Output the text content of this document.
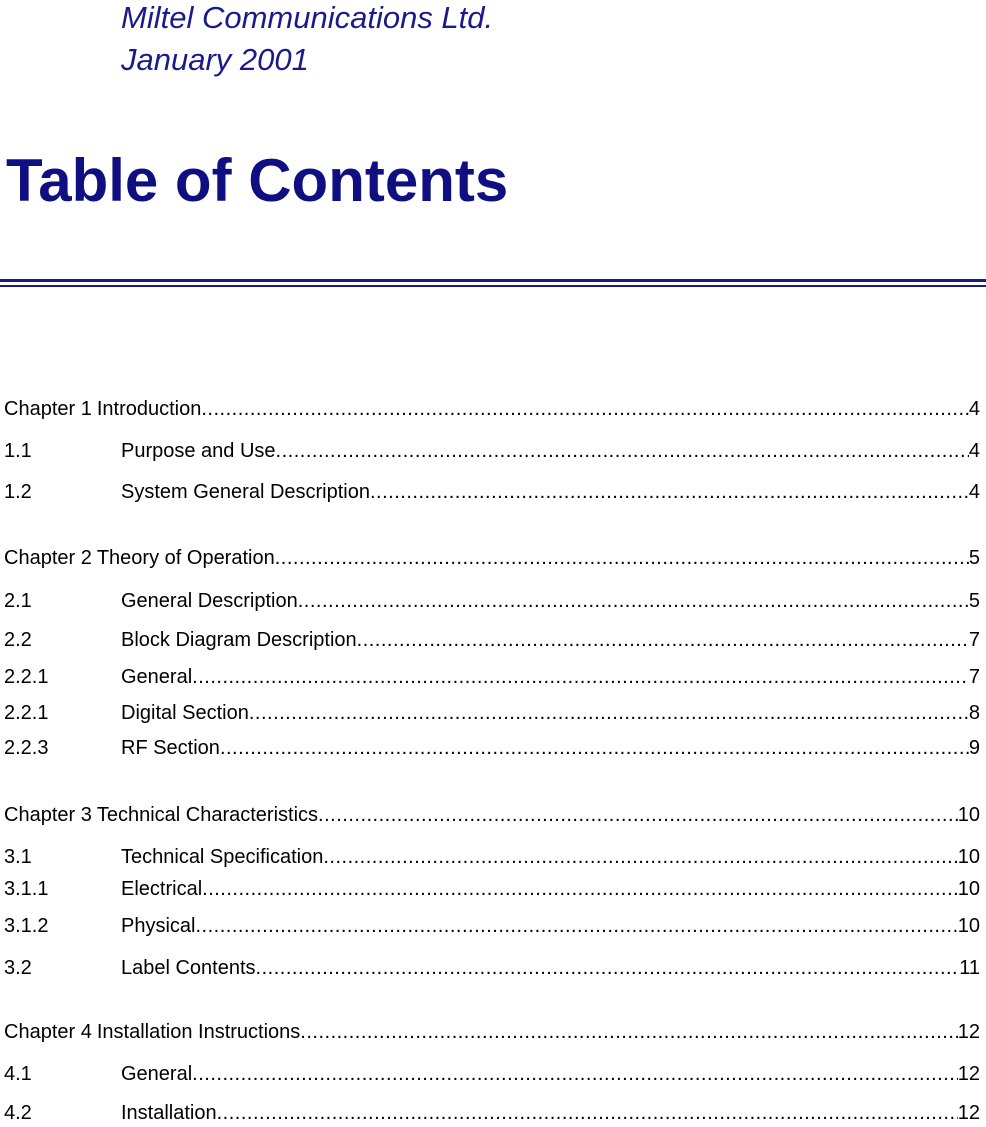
Miltel Communications Ltd.
January 2001
Table of Contents
Chapter 1 Introduction .....	4
1.1	Purpose and Use .....	4
1.2	System General Description .....	4
Chapter 2 Theory of Operation .....	5
2.1	General Description .....	5
2.2	Block Diagram Description .....	7
2.2.1	General .....	7
2.2.1	Digital Section .....	8
2.2.3	RF Section .....	9
Chapter 3 Technical Characteristics .....	10
3.1	Technical Specification .....	10
3.1.1	Electrical .....	10
3.1.2	Physical .....	10
3.2	Label Contents .....	11
Chapter 4 Installation Instructions .....	12
4.1	General .....	12
4.2	Installation .....	12
